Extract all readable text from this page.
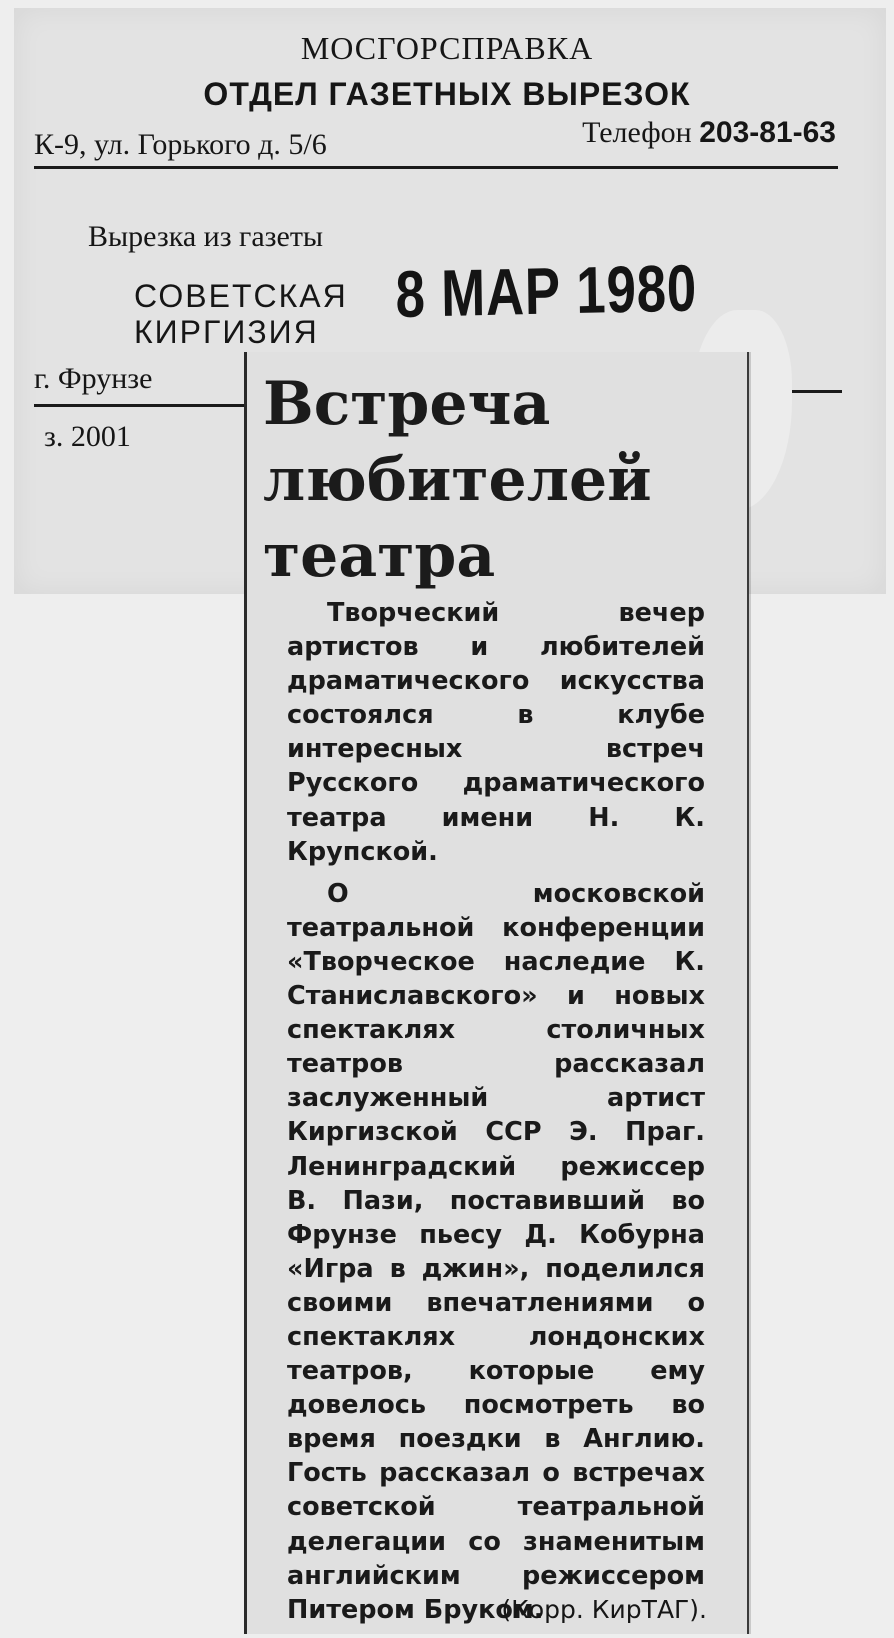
МОСГОРСПРАВКА
ОТДЕЛ ГАЗЕТНЫХ ВЫРЕЗОК
К-9, ул. Горького д. 5/6	Телефон 203-81-63
Вырезка из газеты
СОВЕТСКАЯ
КИРГИЗИЯ
8 МАР 1980
г. Фрунзе
з. 2001 Встреча
любителей
театра

Творческий вечер артистов и любителей драматического искусства состоялся в клубе интересных встреч Русского драматического театра имени Н. К. Крупской.

О московской театральной конференции «Творческое наследие К. Станиславского» и новых спектаклях столичных театров рассказал заслуженный артист Киргизской ССР Э. Праг. Ленинградский режиссер В. Пази, поставивший во Фрунзе пьесу Д. Кобурна «Игра в джин», поделился своими впечатлениями о спектаклях лондонских театров, которые ему довелось посмотреть во время поездки в Англию. Гость рассказал о встречах советской театральной делегации со знаменитым английским режиссером Питером Бруком.

(Корр. КирТАГ).
